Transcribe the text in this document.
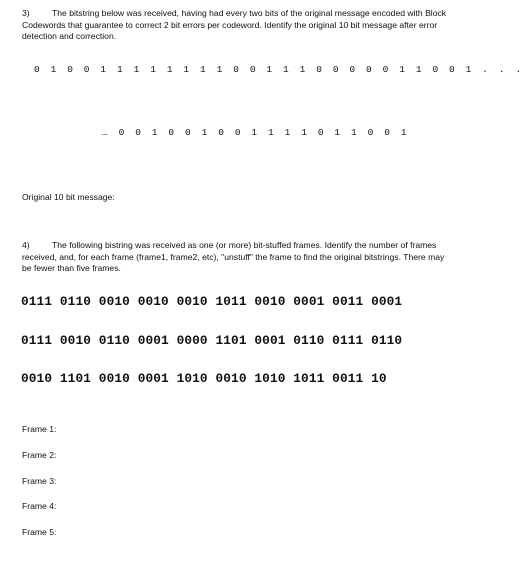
3)	The bitstring below was received, having had every two bits of the original message encoded with Block Codewords that guarantee to correct 2 bit errors per codeword. Identify the original 10 bit message after error detection and correction.
0 1 0 0 1 1 1 1 1 1 1 1 0 0 1 1 1 0 0 0 0 0 1 1 0 0 1 . . .
… 0 0 1 0 0 1 0 0 1 1 1 1 0 1 1 0 0 1
Original 10 bit message:
4)	The following bistring was received as one (or more) bit-stuffed frames. Identify the number of frames received, and, for each frame (frame1, frame2, etc), "unstuff" the frame to find the original bitstrings. There may be fewer than five frames.
0111 0110 0010 0010 0010 1011 0010 0001 0011 0001
0111 0010 0110 0001 0000 1101 0001 0110 0111 0110
0010 1101 0010 0001 1010 0010 1010 1011 0011 10
Frame 1:
Frame 2:
Frame 3:
Frame 4:
Frame 5:
